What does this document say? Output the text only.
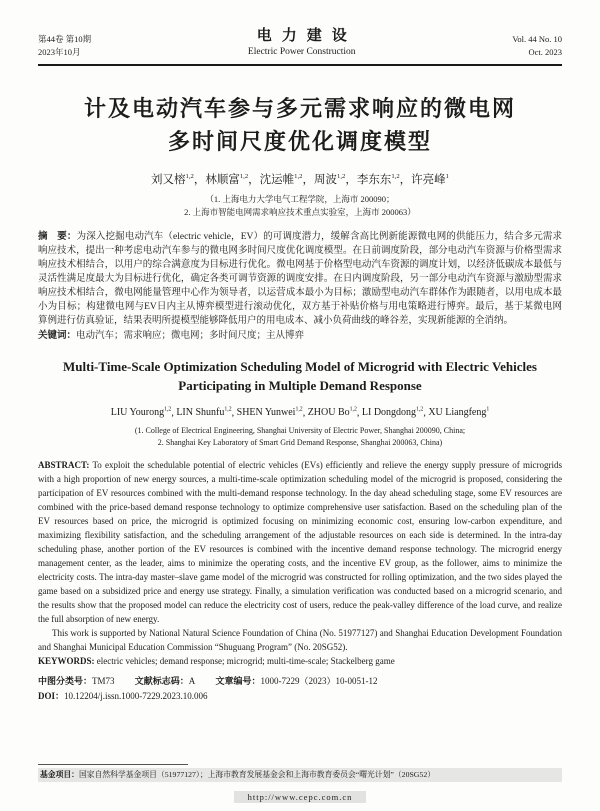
第44卷 第10期
2023年10月
电力建设
Electric Power Construction
Vol. 44 No. 10
Oct. 2023
计及电动汽车参与多元需求响应的微电网
多时间尺度优化调度模型
刘又榕$^{1,2}$，林顺富$^{1,2}$，沈运帷$^{1,2}$，周波$^{1,2}$，李东东$^{1,2}$，许亮峰$^1$
（1. 上海电力大学电气工程学院，上海市 200090；
2. 上海市智能电网需求响应技术重点实验室，上海市 200063）

摘　要：为深入挖掘电动汽车（electric vehicle，EV）的可调度潜力，缓解含高比例新能源微电网的供能压力，结合多元需求响应技术，提出一种考虑电动汽车参与的微电网多时间尺度优化调度模型。在日前调度阶段，部分电动汽车资源与价格型需求响应技术相结合，以用户的综合满意度为目标进行优化。微电网基于价格型电动汽车资源的调度计划，以经济低碳成本最低与灵活性满足度最大为目标进行优化，确定各类可调节资源的调度安排。在日内调度阶段，另一部分电动汽车资源与激励型需求响应技术相结合，微电网能量管理中心作为领导者，以运营成本最小为目标；激励型电动汽车群体作为跟随者，以用电成本最小为目标；构建微电网与EV日内主从博弈模型进行滚动优化，双方基于补贴价格与用电策略进行博弈。最后，基于某微电网算例进行仿真验证，结果表明所提模型能够降低用户的用电成本、减小负荷曲线的峰谷差，实现新能源的全消纳。

关键词：电动汽车；需求响应；微电网；多时间尺度；主从博弈

Multi-Time-Scale Optimization Scheduling Model of Microgrid with Electric Vehicles Participating in Multiple Demand Response
LIU Yourong$^{1,2}$, LIN Shunfu$^{1,2}$, SHEN Yunwei$^{1,2}$, ZHOU Bo$^{1,2}$, LI Dongdong$^{1,2}$, XU Liangfeng$^1$
(1. College of Electrical Engineering, Shanghai University of Electric Power, Shanghai 200090, China;
2. Shanghai Key Laboratory of Smart Grid Demand Response, Shanghai 200063, China)

ABSTRACT: To exploit the schedulable potential of electric vehicles (EVs) efficiently and relieve the energy supply pressure of microgrids with a high proportion of new energy sources, a multi-time-scale optimization scheduling model of the microgrid is proposed, considering the participation of EV resources combined with the multi-demand response technology. In the day ahead scheduling stage, some EV resources are combined with the price-based demand response technology to optimize comprehensive user satisfaction. Based on the scheduling plan of the EV resources based on price, the microgrid is optimized focusing on minimizing economic cost, ensuring low-carbon expenditure, and maximizing flexibility satisfaction, and the scheduling arrangement of the adjustable resources on each side is determined. In the intra-day scheduling phase, another portion of the EV resources is combined with the incentive demand response technology. The microgrid energy management center, as the leader, aims to minimize the operating costs, and the incentive EV group, as the follower, aims to minimize the electricity costs. The intra-day master–slave game model of the microgrid was constructed for rolling optimization, and the two sides played the game based on a subsidized price and energy use strategy. Finally, a simulation verification was conducted based on a microgrid scenario, and the results show that the proposed model can reduce the electricity cost of users, reduce the peak-valley difference of the load curve, and realize the full absorption of new energy.

This work is supported by National Natural Science Foundation of China (No. 51977127) and Shanghai Education Development Foundation and Shanghai Municipal Education Commission “Shuguang Program” (No. 20SG52).

KEYWORDS: electric vehicles; demand response; microgrid; multi-time-scale; Stackelberg game

中图分类号：TM73 文献标志码：A 文章编号：1000-7229（2023）10-0051-12

DOI：10.12204/j.issn.1000-7229.2023.10.006

基金项目：国家自然科学基金项目（51977127）；上海市教育发展基金会和上海市教育委员会“曙光计划”（20SG52）

http://www.cepc.com.cn
